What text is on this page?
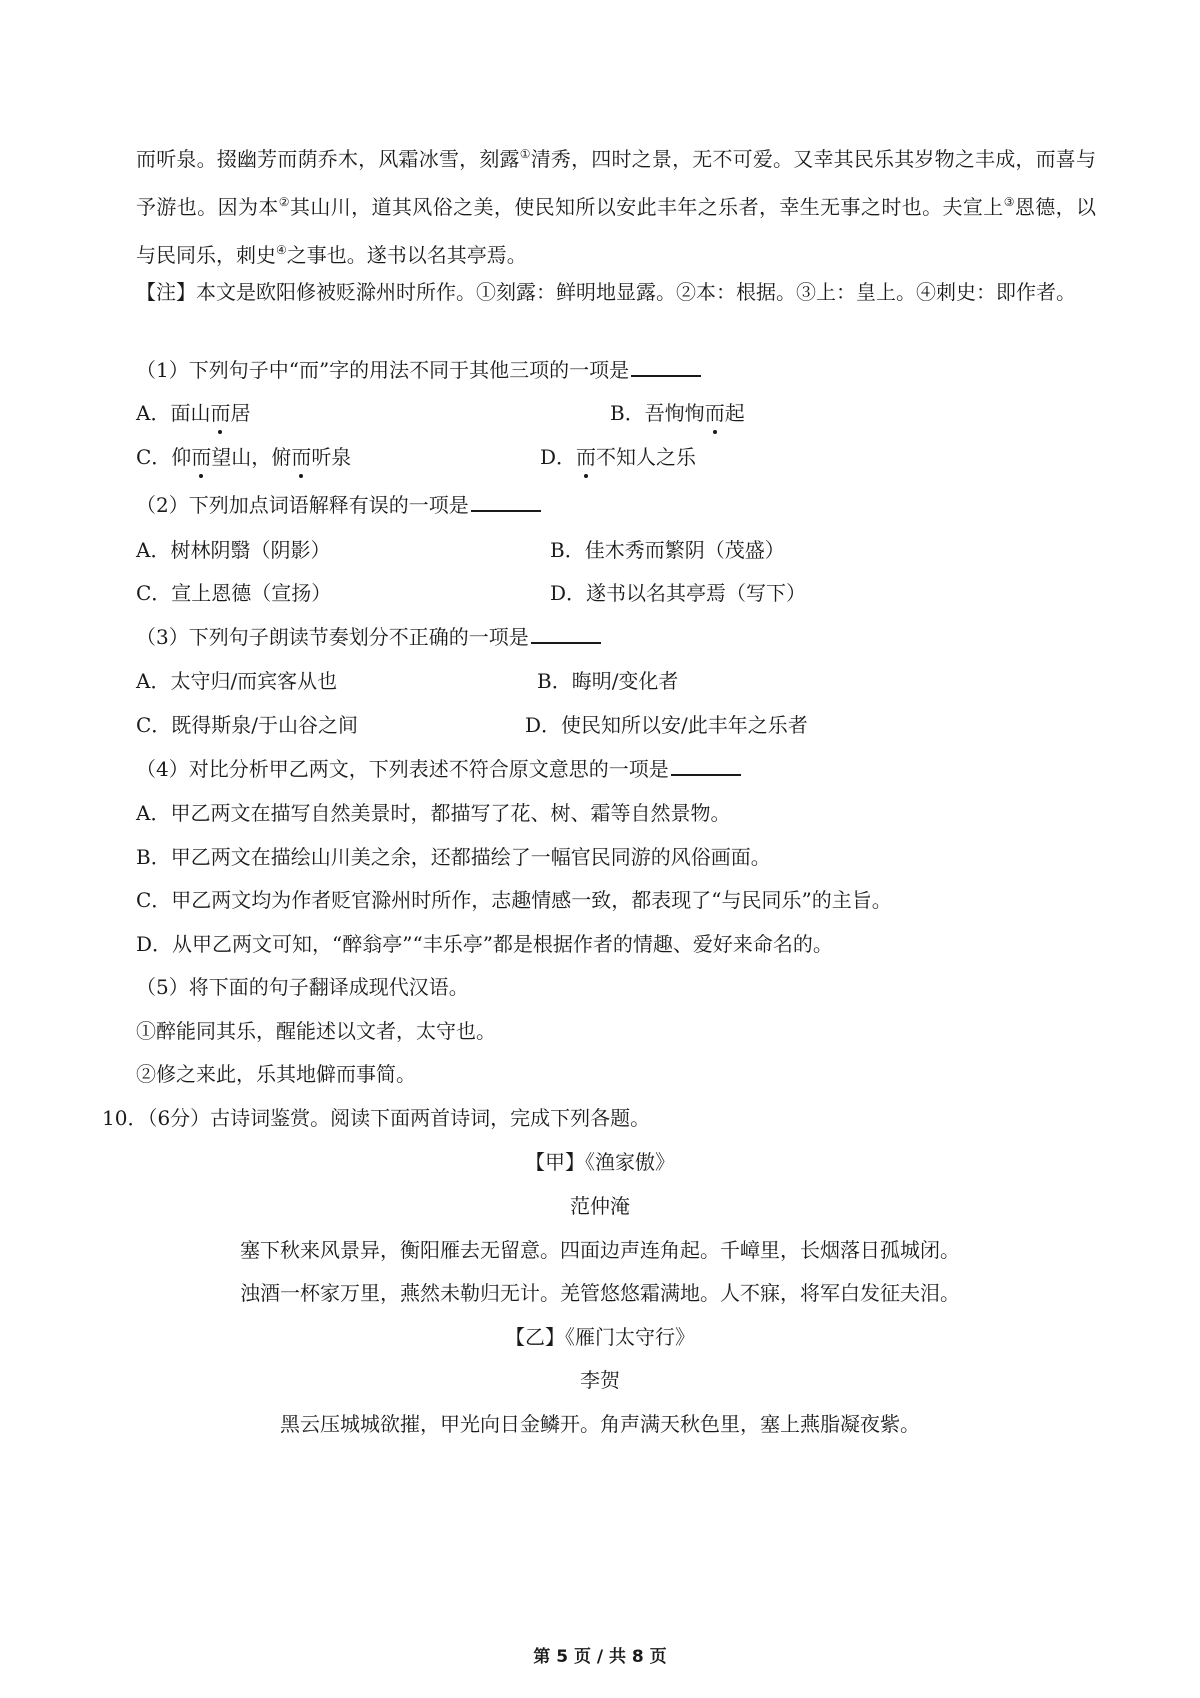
而听泉。掇幽芳而荫乔木，风霜冰雪，刻露①清秀，四时之景，无不可爱。又幸其民乐其岁物之丰成，而喜与予游也。因为本②其山川，道其风俗之美，使民知所以安此丰年之乐者，幸生无事之时也。夫宣上③恩德，以与民同乐，刺史④之事也。遂书以名其亭焉。

【注】本文是欧阳修被贬滁州时所作。①刻露：鲜明地显露。②本：根据。③上：皇上。④刺史：即作者。

（1）下列句子中“而”字的用法不同于其他三项的一项是

A．面山而居	B．吾恂恂而起

C．仰而望山，俯而听泉	D．而不知人之乐

（2）下列加点词语解释有误的一项是

A．树林阴翳（阴影）	B．佳木秀而繁阴（茂盛）

C．宣上恩德（宣扬）	D．遂书以名其亭焉（写下）

（3）下列句子朗读节奏划分不正确的一项是

A．太守归/而宾客从也	B．晦明/变化者

C．既得斯泉/于山谷之间	D．使民知所以安/此丰年之乐者

（4）对比分析甲乙两文，下列表述不符合原文意思的一项是

A．甲乙两文在描写自然美景时，都描写了花、树、霜等自然景物。

B．甲乙两文在描绘山川美之余，还都描绘了一幅官民同游的风俗画面。

C．甲乙两文均为作者贬官滁州时所作，志趣情感一致，都表现了“与民同乐”的主旨。

D．从甲乙两文可知，“醉翁亭”“丰乐亭”都是根据作者的情趣、爱好来命名的。

（5）将下面的句子翻译成现代汉语。

①醉能同其乐，醒能述以文者，太守也。

②修之来此，乐其地僻而事简。

10．（6分）古诗词鉴赏。阅读下面两首诗词，完成下列各题。

【甲】《渔家傲》

范仲淹

塞下秋来风景异，衡阳雁去无留意。四面边声连角起。千嶂里，长烟落日孤城闭。

浊酒一杯家万里，燕然未勒归无计。羌管悠悠霜满地。人不寐，将军白发征夫泪。

【乙】《雁门太守行》

李贺

黑云压城城欲摧，甲光向日金鳞开。角声满天秋色里，塞上燕脂凝夜紫。

第 5 页 / 共 8 页
